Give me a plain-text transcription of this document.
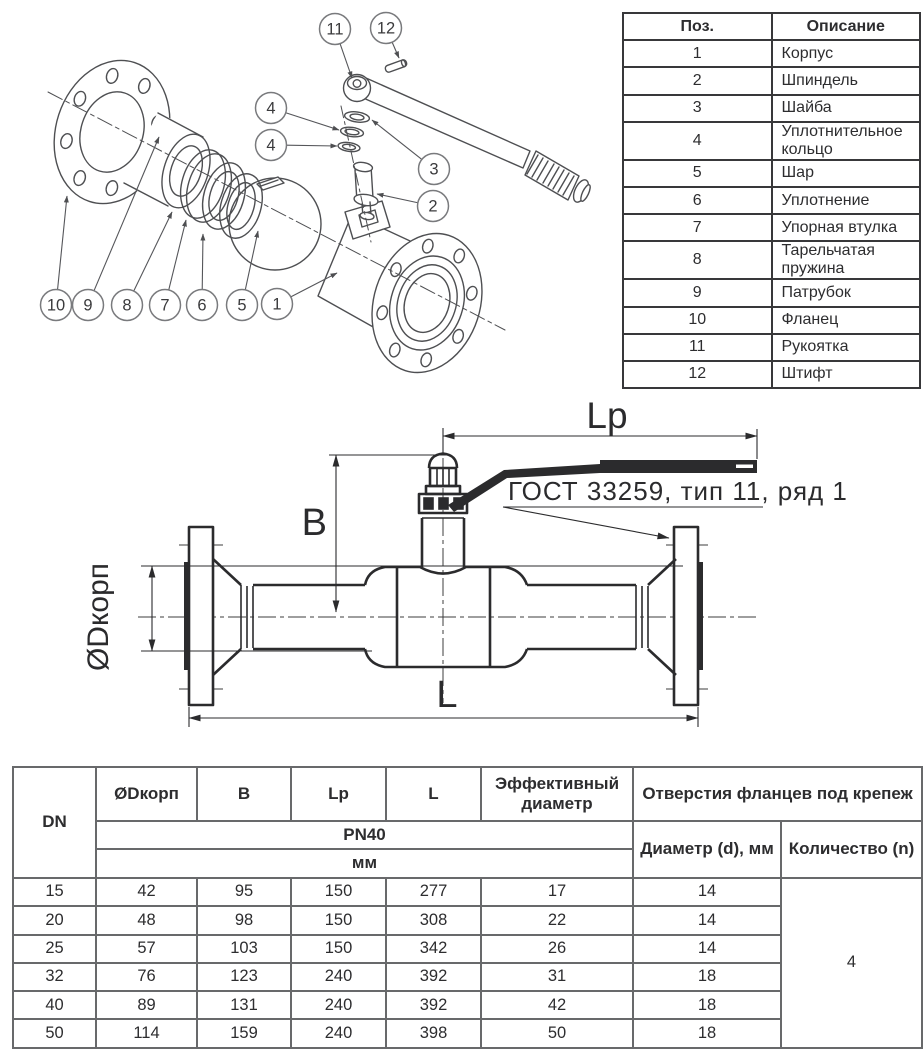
11 12
4
4
3
2
10 9 8 7 6 5 1
Поз.	Описание
1	Корпус
2	Шпиндель
3	Шайба
4	Уплотнительное кольцо
5	Шар
6	Уплотнение
7	Упорная втулка
8	Тарельчатая пружина
9	Патрубок
10	Фланец
11	Рукоятка
12	Штифт
Lp
B
L
ØDкорп
ГОСТ 33259, тип 11, ряд 1
DN	ØDкорп	B	Lp	L	Эффективный диаметр	Отверстия фланцев под крепеж	
	PN40					Диаметр (d), мм	Количество (n)
	мм						
15	42	95	150	277	17	14	4
20	48	98	150	308	22	14	
25	57	103	150	342	26	14	
32	76	123	240	392	31	18	
40	89	131	240	392	42	18	
50	114	159	240	398	50	18	
